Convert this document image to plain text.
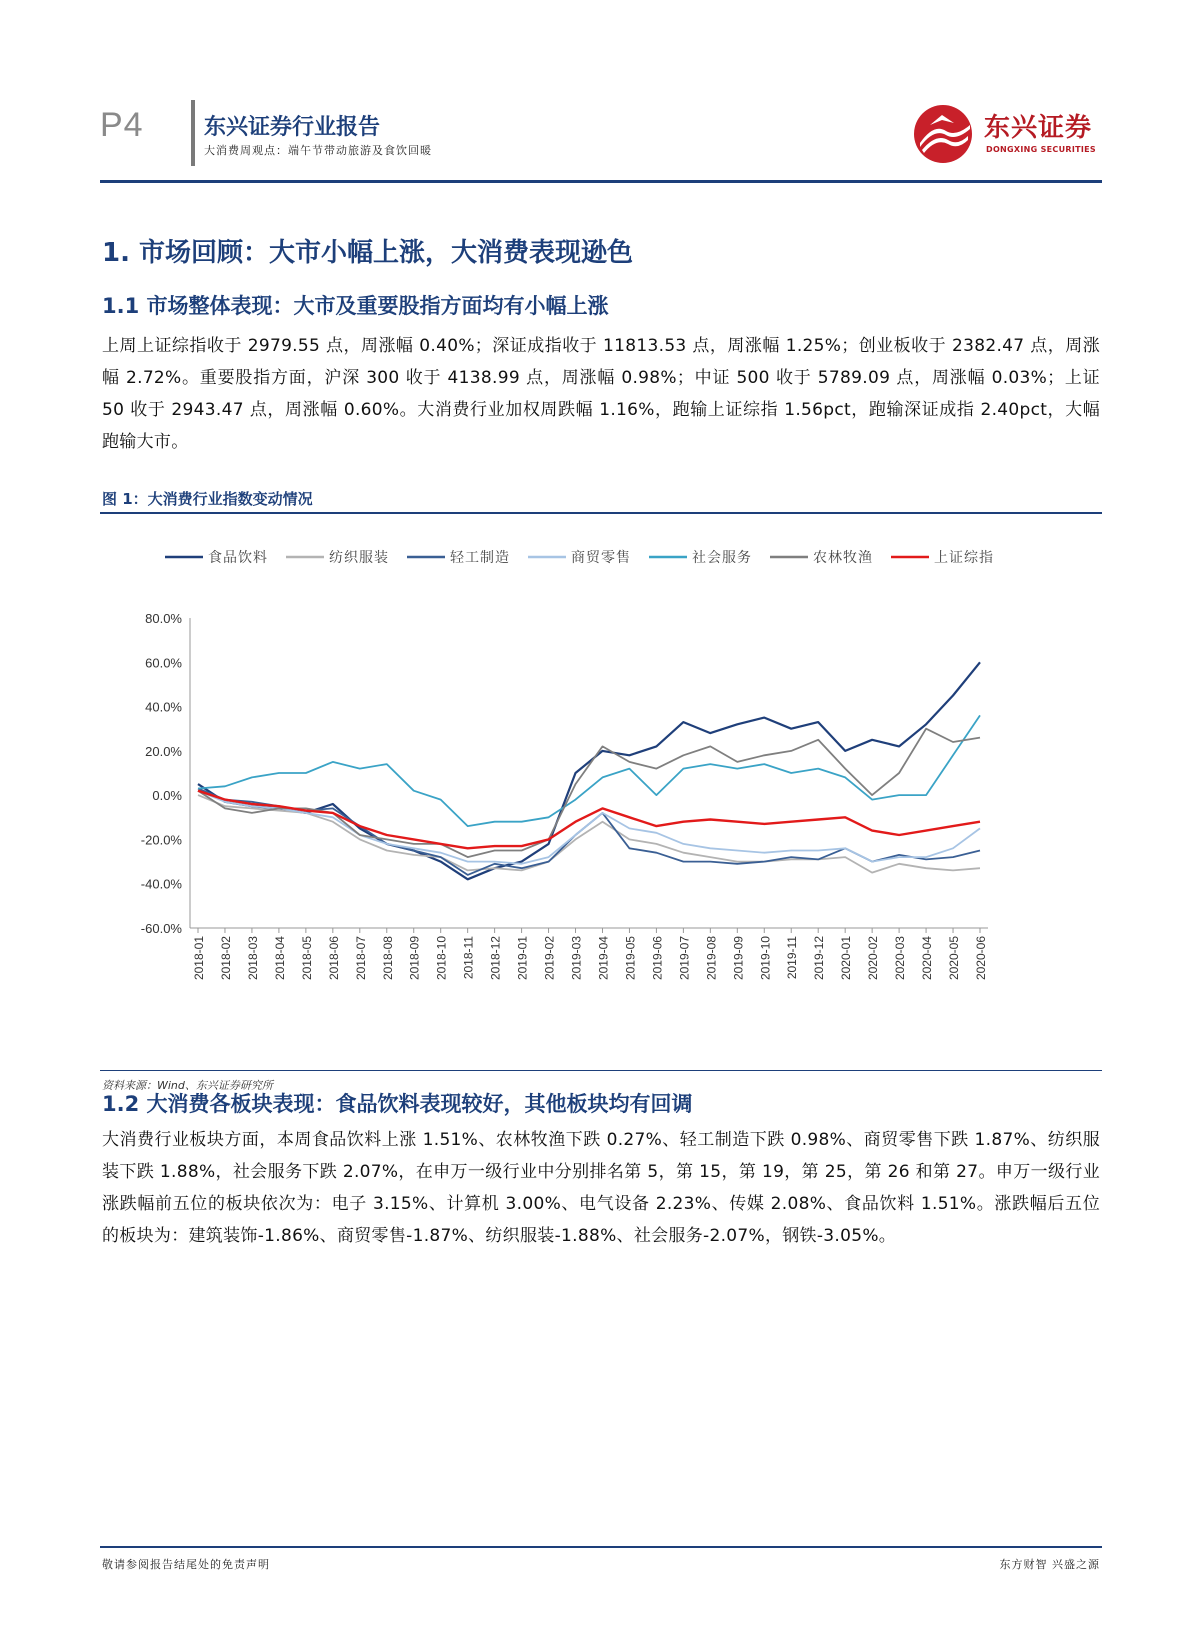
P4	东兴证券行业报告
大消费周观点：端午节带动旅游及食饮回暖
东兴证券
DONGXING SECURITIES
1. 市场回顾：大市小幅上涨，大消费表现逊色
1.1 市场整体表现：大市及重要股指方面均有小幅上涨
上周上证综指收于 2979.55 点，周涨幅 0.40%；深证成指收于 11813.53 点，周涨幅 1.25%；创业板收于 2382.47 点，周涨幅 2.72%。重要股指方面，沪深 300 收于 4138.99 点，周涨幅 0.98%；中证 500 收于 5789.09 点，周涨幅 0.03%；上证 50 收于 2943.47 点，周涨幅 0.60%。大消费行业加权周跌幅 1.16%，跑输上证综指 1.56pct，跑输深证成指 2.40pct，大幅跑输大市。
图 1：大消费行业指数变动情况
80.0%
60.0%
40.0%
20.0%
0.0%
-20.0%
-40.0%
-60.0%
2018-01 2018-02 2018-03 2018-04 2018-05 2018-06 2018-07 2018-08 2018-09 2018-10 2018-11 2018-12 2019-01 2019-02 2019-03 2019-04 2019-05 2019-06 2019-07 2019-08 2019-09 2019-10 2019-11 2019-12 2020-01 2020-02 2020-03 2020-04 2020-05 2020-06
食品饮料	纺织服装	轻工制造	商贸零售	社会服务	农林牧渔	上证综指
资料来源：Wind、东兴证券研究所
1.2 大消费各板块表现：食品饮料表现较好，其他板块均有回调
大消费行业板块方面，本周食品饮料上涨 1.51%、农林牧渔下跌 0.27%、轻工制造下跌 0.98%、商贸零售下跌 1.87%、纺织服装下跌 1.88%，社会服务下跌 2.07%，在申万一级行业中分别排名第 5，第 15，第 19，第 25，第 26 和第 27。申万一级行业涨跌幅前五位的板块依次为：电子 3.15%、计算机 3.00%、电气设备 2.23%、传媒 2.08%、食品饮料 1.51%。涨跌幅后五位的板块为：建筑装饰-1.86%、商贸零售-1.87%、纺织服装-1.88%、社会服务-2.07%，钢铁-3.05%。
敬请参阅报告结尾处的免责声明	东方财智 兴盛之源
